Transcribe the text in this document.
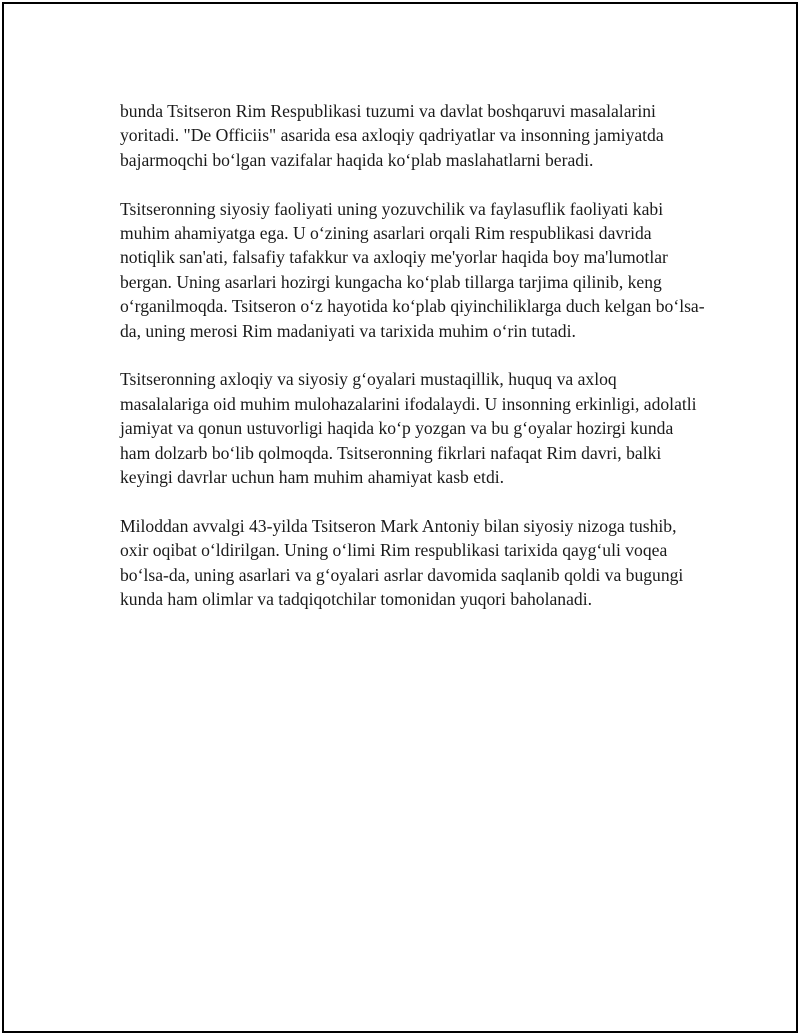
bunda Tsitseron Rim Respublikasi tuzumi va davlat boshqaruvi masalalarini yoritadi. "De Officiis" asarida esa axloqiy qadriyatlar va insonning jamiyatda bajarmoqchi bo‘lgan vazifalar haqida ko‘plab maslahatlarni beradi.

Tsitseronning siyosiy faoliyati uning yozuvchilik va faylasuflik faoliyati kabi muhim ahamiyatga ega. U o‘zining asarlari orqali Rim respublikasi davrida notiqlik san'ati, falsafiy tafakkur va axloqiy me'yorlar haqida boy ma'lumotlar bergan. Uning asarlari hozirgi kungacha ko‘plab tillarga tarjima qilinib, keng o‘rganilmoqda. Tsitseron o‘z hayotida ko‘plab qiyinchiliklarga duch kelgan bo‘lsa-da, uning merosi Rim madaniyati va tarixida muhim o‘rin tutadi.

Tsitseronning axloqiy va siyosiy g‘oyalari mustaqillik, huquq va axloq masalalariga oid muhim mulohazalarini ifodalaydi. U insonning erkinligi, adolatli jamiyat va qonun ustuvorligi haqida ko‘p yozgan va bu g‘oyalar hozirgi kunda ham dolzarb bo‘lib qolmoqda. Tsitseronning fikrlari nafaqat Rim davri, balki keyingi davrlar uchun ham muhim ahamiyat kasb etdi.

Miloddan avvalgi 43-yilda Tsitseron Mark Antoniy bilan siyosiy nizoga tushib, oxir oqibat o‘ldirilgan. Uning o‘limi Rim respublikasi tarixida qayg‘uli voqea bo‘lsa-da, uning asarlari va g‘oyalari asrlar davomida saqlanib qoldi va bugungi kunda ham olimlar va tadqiqotchilar tomonidan yuqori baholanadi.
